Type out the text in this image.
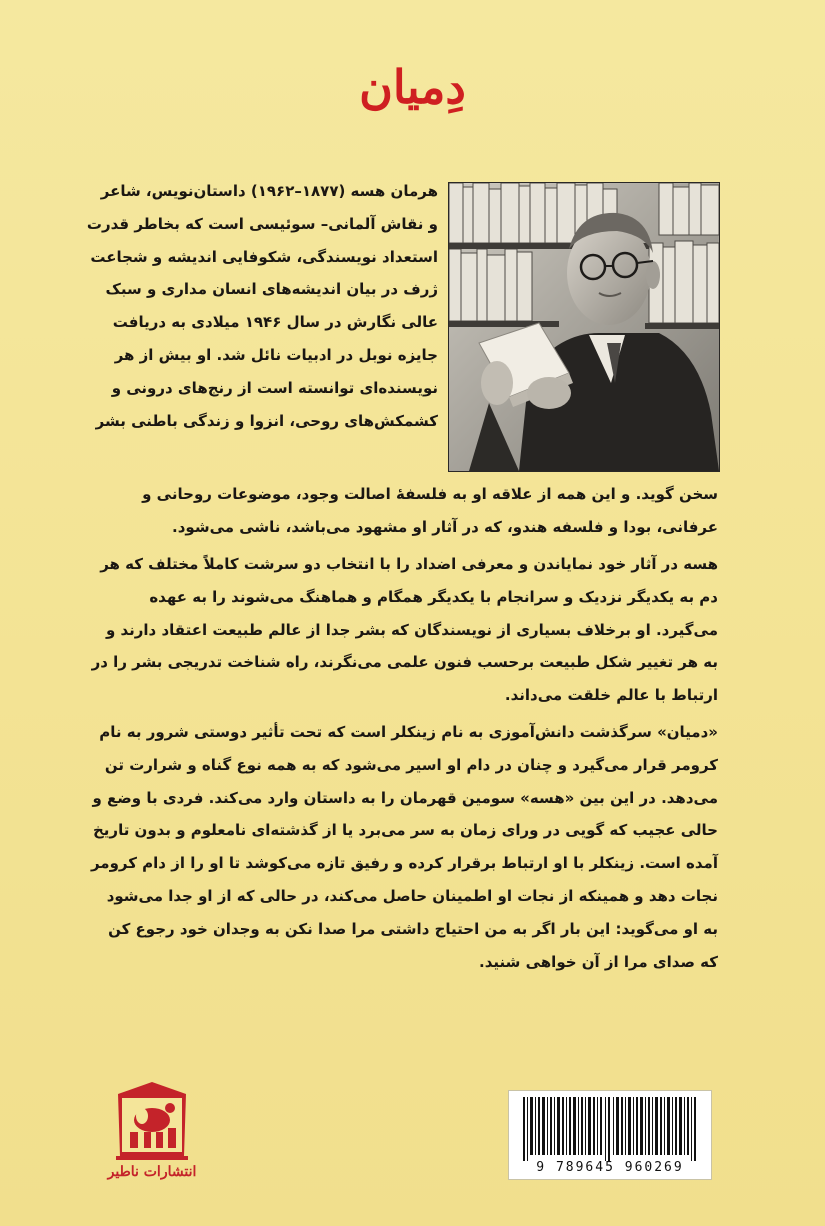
دِمیان
هرمان هسه (۱۸۷۷–۱۹۶۲) داستان‌نویس، شاعر
و نقاش آلمانی– سوئیسی است که بخاطر قدرت
استعداد نویسندگی، شکوفایی اندیشه و شجاعت
ژرف در بیان اندیشه‌های انسان مداری و سبک
عالی نگارش در سال ۱۹۴۶ میلادی به دریافت
جایزه نوبل در ادبیات نائل شد. او بیش از هر
نویسنده‌ای توانسته است از رنج‌های درونی و
کشمکش‌های روحی، انزوا و زندگی باطنی بشر
سخن گوید. و این همه از علاقه او به فلسفهٔ اصالت وجود، موضوعات روحانی و
عرفانی، بودا و فلسفه هندو، که در آثار او مشهود می‌باشد، ناشی می‌شود.
هسه در آثار خود نمایاندن و معرفی اضداد را با انتخاب دو سرشت کاملاً مختلف که هر
دم به یکدیگر نزدیک و سرانجام با یکدیگر همگام و هماهنگ می‌شوند را به عهده
می‌گیرد. او برخلاف بسیاری از نویسندگان که بشر جدا از عالم طبیعت اعتقاد دارند و
به هر تغییر شکل طبیعت برحسب فنون علمی می‌نگرند، راه شناخت تدریجی بشر را در
ارتباط با عالم خلقت می‌داند.
«دمیان» سرگذشت دانش‌آموزی به نام زینکلر است که تحت تأثیر دوستی شرور به نام
کرومر قرار می‌گیرد و چنان در دام او اسیر می‌شود که به همه نوع گناه و شرارت تن
می‌دهد. در این بین «هسه» سومین قهرمان را به داستان وارد می‌کند. فردی با وضع و
حالی عجیب که گویی در ورای زمان به سر می‌برد یا از گذشته‌ای نامعلوم و بدون تاریخ
آمده است. زینکلر با او ارتباط برقرار کرده و رفیق تازه می‌کوشد تا او را از دام کرومر
نجات دهد و همینکه از نجات او اطمینان حاصل می‌کند، در حالی که از او جدا می‌شود
به او می‌گوید: این بار اگر به من احتیاج داشتی مرا صدا نکن به وجدان خود رجوع کن
که صدای مرا از آن خواهی شنید.
انتشارات ناطیر	9 789645 960269
